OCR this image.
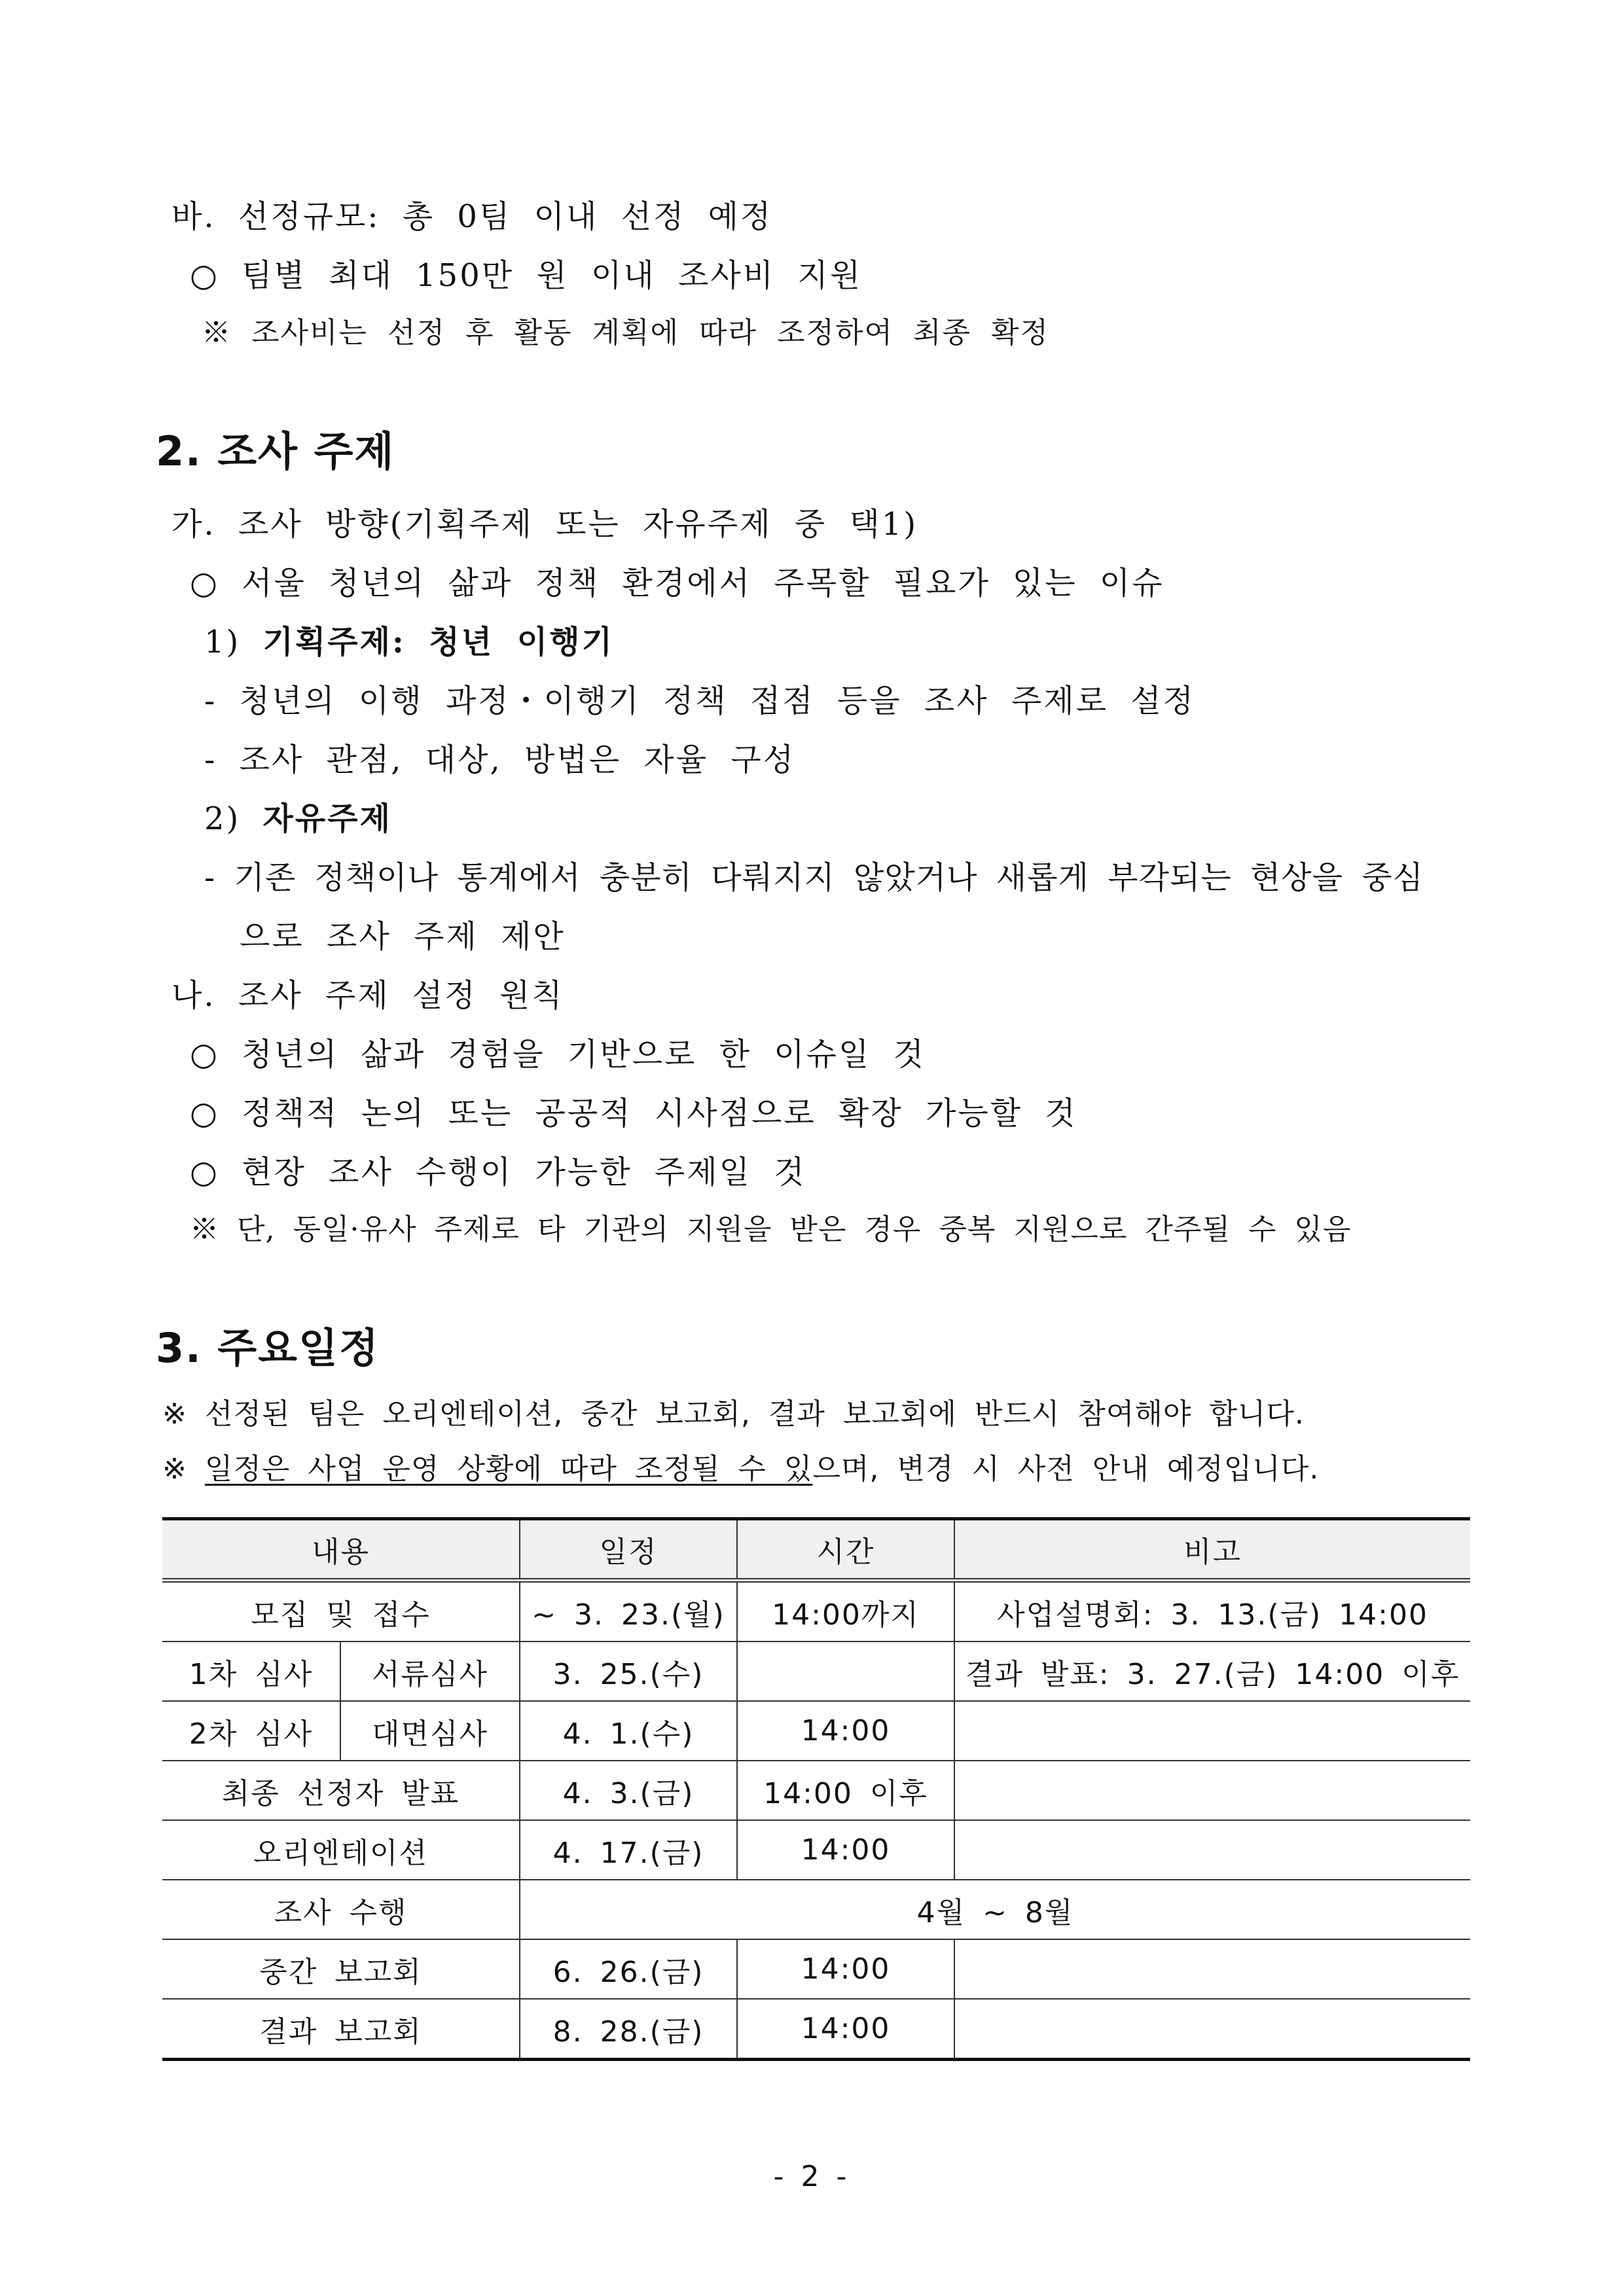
바. 선정규모: 총 0팀 이내 선정 예정
○ 팀별 최대 150만 원 이내 조사비 지원
※ 조사비는 선정 후 활동 계획에 따라 조정하여 최종 확정
2. 조사 주제
가. 조사 방향(기획주제 또는 자유주제 중 택1)
○ 서울 청년의 삶과 정책 환경에서 주목할 필요가 있는 이슈
1) 기획주제: 청년 이행기
- 청년의 이행 과정・이행기 정책 접점 등을 조사 주제로 설정
- 조사 관점, 대상, 방법은 자율 구성
2) 자유주제
- 기존 정책이나 통계에서 충분히 다뤄지지 않았거나 새롭게 부각되는 현상을 중심
으로 조사 주제 제안
나. 조사 주제 설정 원칙
○ 청년의 삶과 경험을 기반으로 한 이슈일 것
○ 정책적 논의 또는 공공적 시사점으로 확장 가능할 것
○ 현장 조사 수행이 가능한 주제일 것
※ 단, 동일·유사 주제로 타 기관의 지원을 받은 경우 중복 지원으로 간주될 수 있음
3. 주요일정
※ 선정된 팀은 오리엔테이션, 중간 보고회, 결과 보고회에 반드시 참여해야 합니다.
※ 일정은 사업 운영 상황에 따라 조정될 수 있으며, 변경 시 사전 안내 예정입니다.
내용		일정	시간	비고
모집 및 접수		~ 3. 23.(월)	14:00까지	사업설명회: 3. 13.(금) 14:00
1차 심사	서류심사	3. 25.(수)		결과 발표: 3. 27.(금) 14:00 이후
2차 심사	대면심사	4. 1.(수)	14:00	
최종 선정자 발표		4. 3.(금)	14:00 이후	
오리엔테이션		4. 17.(금)	14:00	
조사 수행		4월 ~ 8월		
중간 보고회		6. 26.(금)	14:00	
결과 보고회		8. 28.(금)	14:00	
- 2 -
